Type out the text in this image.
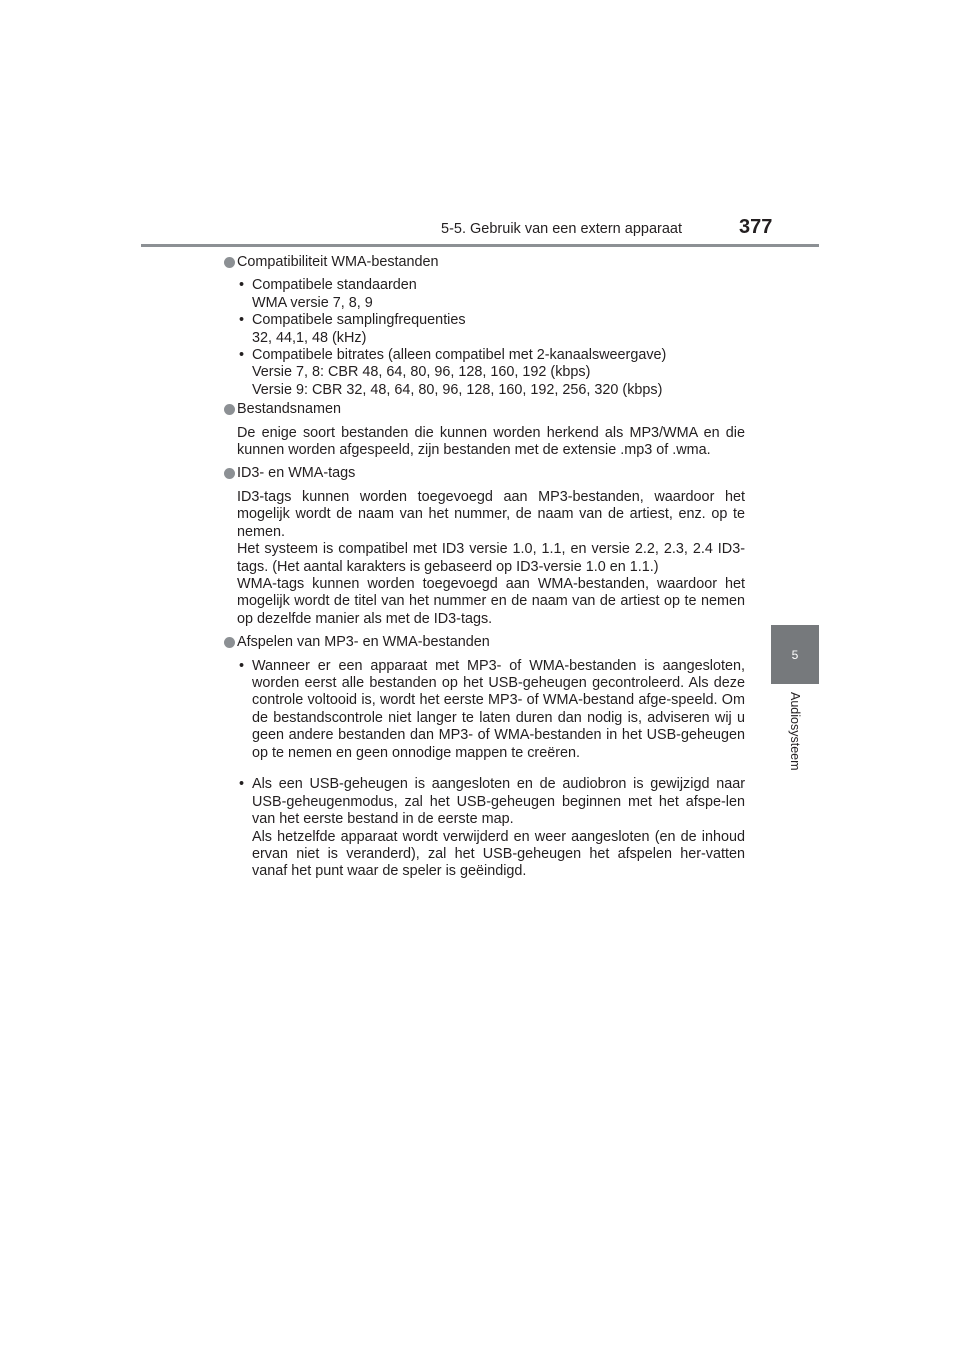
5-5. Gebruik van een extern apparaat	377
5
Audiosysteem
Compatibiliteit WMA-bestanden
• Compatibele standaarden
WMA versie 7, 8, 9
• Compatibele samplingfrequenties
32, 44,1, 48 (kHz)
• Compatibele bitrates (alleen compatibel met 2-kanaalsweergave)
Versie 7, 8: CBR 48, 64, 80, 96, 128, 160, 192 (kbps)
Versie 9: CBR 32, 48, 64, 80, 96, 128, 160, 192, 256, 320 (kbps)
Bestandsnamen

De enige soort bestanden die kunnen worden herkend als MP3/WMA en die kunnen worden afgespeeld, zijn bestanden met de extensie .mp3 of .wma.

ID3- en WMA-tags

ID3-tags kunnen worden toegevoegd aan MP3-bestanden, waardoor het mogelijk wordt de naam van het nummer, de naam van de artiest, enz. op te nemen.

Het systeem is compatibel met ID3 versie 1.0, 1.1, en versie 2.2, 2.3, 2.4 ID3-tags. (Het aantal karakters is gebaseerd op ID3-versie 1.0 en 1.1.)

WMA-tags kunnen worden toegevoegd aan WMA-bestanden, waardoor het mogelijk wordt de titel van het nummer en de naam van de artiest op te nemen op dezelfde manier als met de ID3-tags.

Afspelen van MP3- en WMA-bestanden
• Wanneer er een apparaat met MP3- of WMA-bestanden is aangesloten, worden eerst alle bestanden op het USB-geheugen gecontroleerd. Als deze controle voltooid is, wordt het eerste MP3- of WMA-bestand afge-speeld. Om de bestandscontrole niet langer te laten duren dan nodig is, adviseren wij u geen andere bestanden dan MP3- of WMA-bestanden in het USB-geheugen op te nemen en geen onnodige mappen te creëren.

• Als een USB-geheugen is aangesloten en de audiobron is gewijzigd naar USB-geheugenmodus, zal het USB-geheugen beginnen met het afspe-len van het eerste bestand in de eerste map.

Als hetzelfde apparaat wordt verwijderd en weer aangesloten (en de inhoud ervan niet is veranderd), zal het USB-geheugen het afspelen her-vatten vanaf het punt waar de speler is geëindigd.
